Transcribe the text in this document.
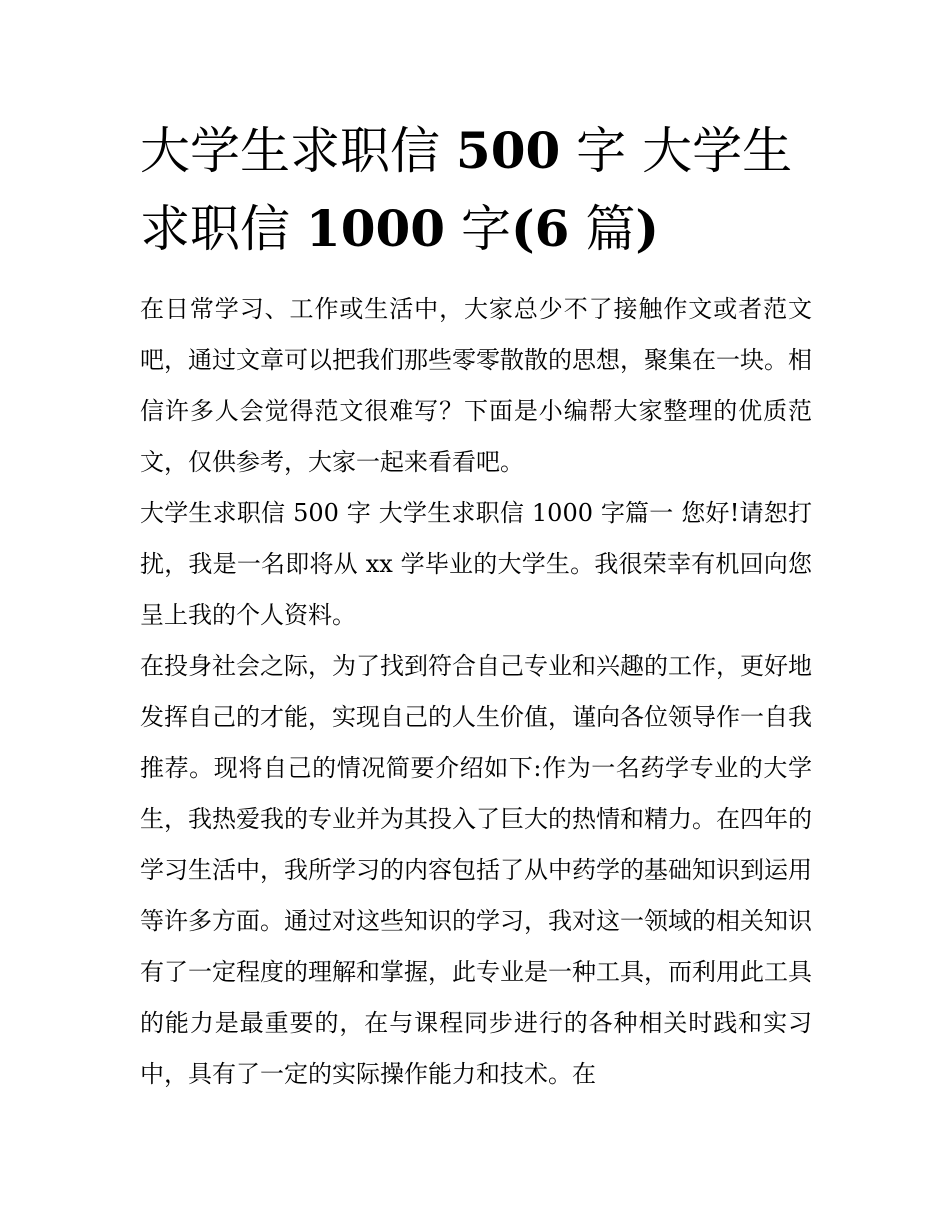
大学生求职信 500 字 大学生求职信 1000 字(6 篇)

在日常学习、工作或生活中，大家总少不了接触作文或者范文吧，通过文章可以把我们那些零零散散的思想，聚集在一块。相信许多人会觉得范文很难写？下面是小编帮大家整理的优质范文，仅供参考，大家一起来看看吧。

大学生求职信 500 字 大学生求职信 1000 字篇一 您好!请恕打扰，我是一名即将从 xx 学毕业的大学生。我很荣幸有机回向您呈上我的个人资料。

在投身社会之际，为了找到符合自己专业和兴趣的工作，更好地发挥自己的才能，实现自己的人生价值，谨向各位领导作一自我推荐。现将自己的情况简要介绍如下:作为一名药学专业的大学生，我热爱我的专业并为其投入了巨大的热情和精力。在四年的学习生活中，我所学习的内容包括了从中药学的基础知识到运用等许多方面。通过对这些知识的学习，我对这一领域的相关知识有了一定程度的理解和掌握，此专业是一种工具，而利用此工具的能力是最重要的，在与课程同步进行的各种相关时践和实习中，具有了一定的实际操作能力和技术。在
